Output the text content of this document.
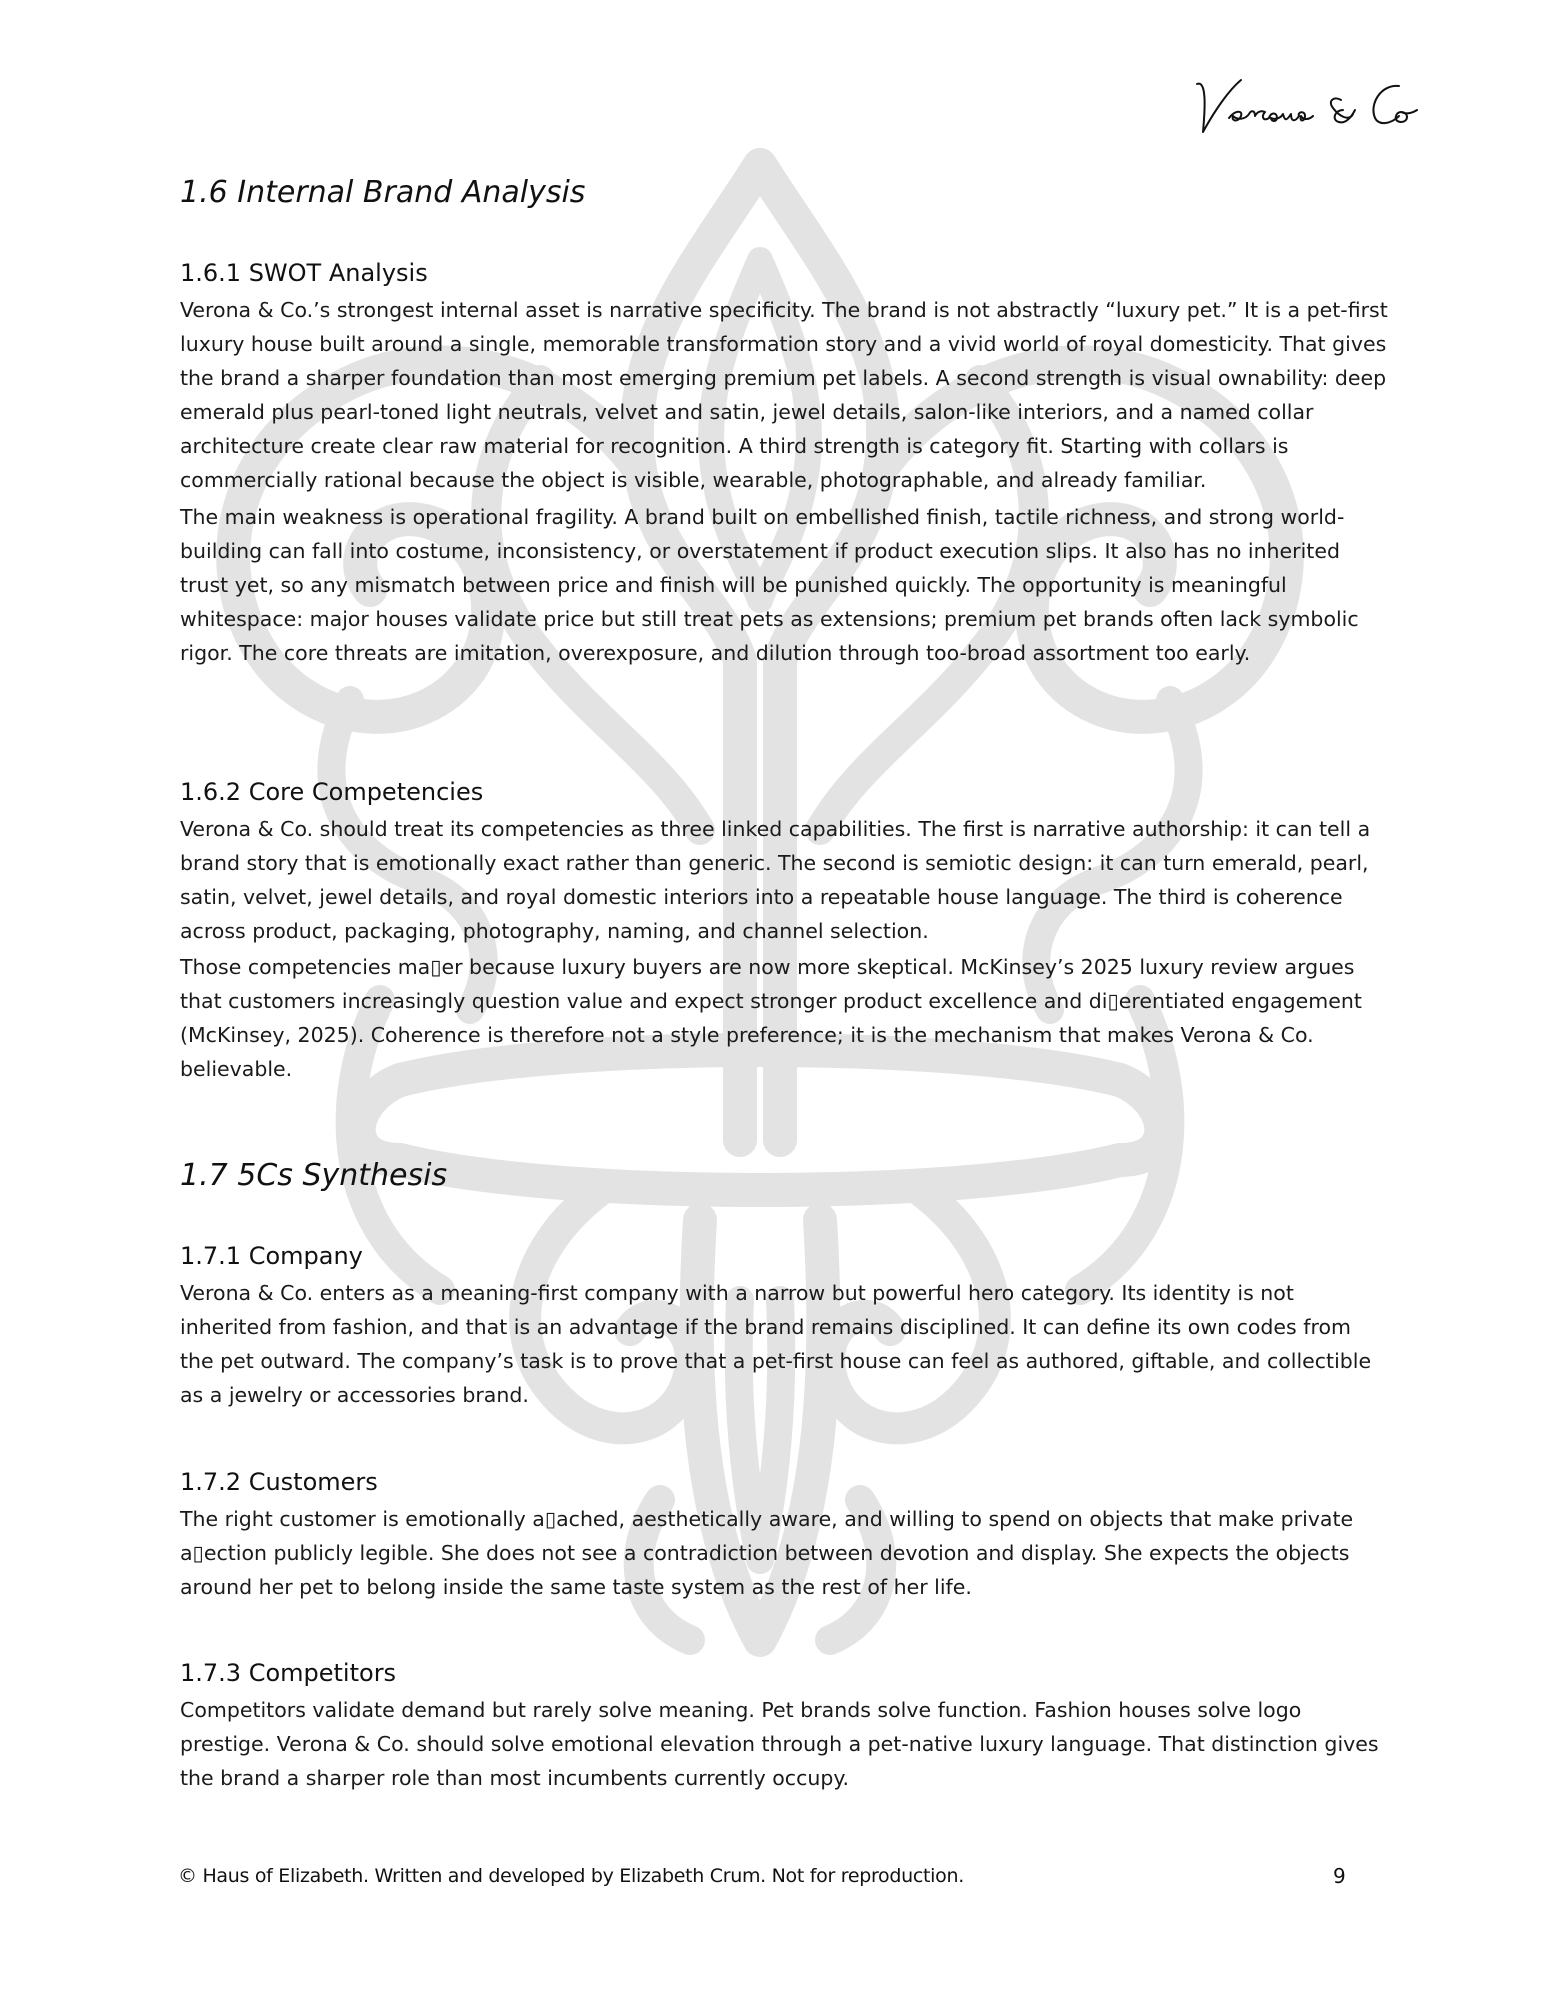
1.6 Internal Brand Analysis
1.6.1 SWOT Analysis

Verona & Co.’s strongest internal asset is narrative specificity. The brand is not abstractly “luxury pet.” It is a pet-first luxury house built around a single, memorable transformation story and a vivid world of royal domesticity. That gives the brand a sharper foundation than most emerging premium pet labels. A second strength is visual ownability: deep emerald plus pearl-toned light neutrals, velvet and satin, jewel details, salon-like interiors, and a named collar architecture create clear raw material for recognition. A third strength is category fit. Starting with collars is commercially rational because the object is visible, wearable, photographable, and already familiar.

The main weakness is operational fragility. A brand built on embellished finish, tactile richness, and strong world-building can fall into costume, inconsistency, or overstatement if product execution slips. It also has no inherited trust yet, so any mismatch between price and finish will be punished quickly. The opportunity is meaningful whitespace: major houses validate price but still treat pets as extensions; premium pet brands often lack symbolic rigor. The core threats are imitation, overexposure, and dilution through too-broad assortment too early.

1.6.2 Core Competencies

Verona & Co. should treat its competencies as three linked capabilities. The first is narrative authorship: it can tell a brand story that is emotionally exact rather than generic. The second is semiotic design: it can turn emerald, pearl, satin, velvet, jewel details, and royal domestic interiors into a repeatable house language. The third is coherence across product, packaging, photography, naming, and channel selection.

Those competencies ma▯er because luxury buyers are now more skeptical. McKinsey’s 2025 luxury review argues that customers increasingly question value and expect stronger product excellence and di▯erentiated engagement (McKinsey, 2025). Coherence is therefore not a style preference; it is the mechanism that makes Verona & Co. believable.

1.7 5Cs Synthesis
1.7.1 Company

Verona & Co. enters as a meaning-first company with a narrow but powerful hero category. Its identity is not inherited from fashion, and that is an advantage if the brand remains disciplined. It can define its own codes from the pet outward. The company’s task is to prove that a pet-first house can feel as authored, giftable, and collectible as a jewelry or accessories brand.

1.7.2 Customers

The right customer is emotionally a▯ached, aesthetically aware, and willing to spend on objects that make private a▯ection publicly legible. She does not see a contradiction between devotion and display. She expects the objects around her pet to belong inside the same taste system as the rest of her life.

1.7.3 Competitors

Competitors validate demand but rarely solve meaning. Pet brands solve function. Fashion houses solve logo prestige. Verona & Co. should solve emotional elevation through a pet-native luxury language. That distinction gives the brand a sharper role than most incumbents currently occupy.

© Haus of Elizabeth. Written and developed by Elizabeth Crum. Not for reproduction.	9
